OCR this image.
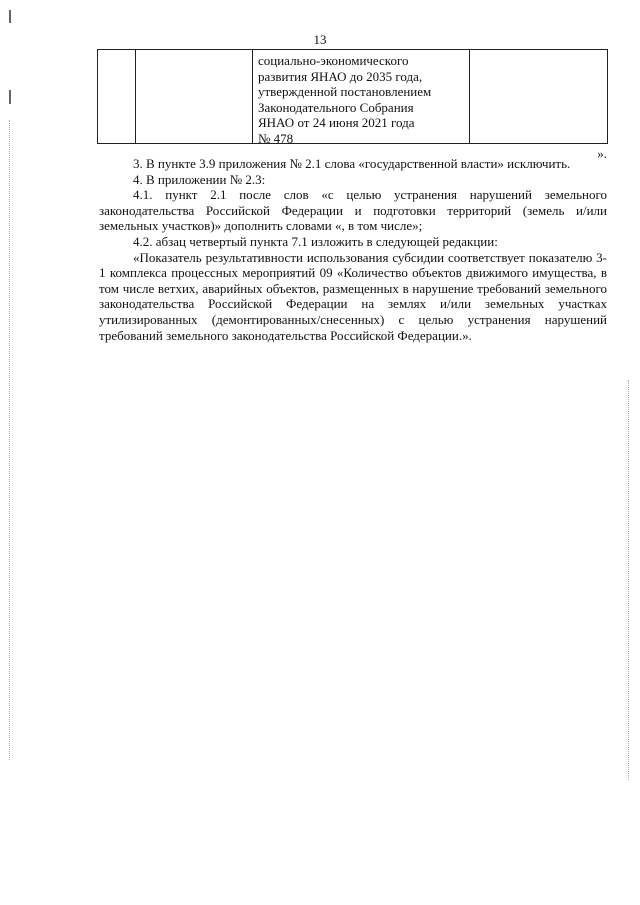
13
социально-экономического
развития ЯНАО до 2035 года,
утвержденной постановлением
Законодательного Собрания
ЯНАО от 24 июня 2021 года
№ 478
».

3. В пункте 3.9 приложения № 2.1 слова «государственной власти» исключить.

4. В приложении № 2.3:

4.1. пункт 2.1 после слов «с целью устранения нарушений земельного законодательства Российской Федерации и подготовки территорий (земель и/или земельных участков)» дополнить словами «, в том числе»;

4.2. абзац четвертый пункта 7.1 изложить в следующей редакции:

«Показатель результативности использования субсидии соответствует показателю 3-1 комплекса процессных мероприятий 09 «Количество объектов движимого имущества, в том числе ветхих, аварийных объектов, размещенных в нарушение требований земельного законодательства Российской Федерации на землях и/или земельных участках утилизированных (демонтированных/снесенных) с целью устранения нарушений требований земельного законодательства Российской Федерации.».
